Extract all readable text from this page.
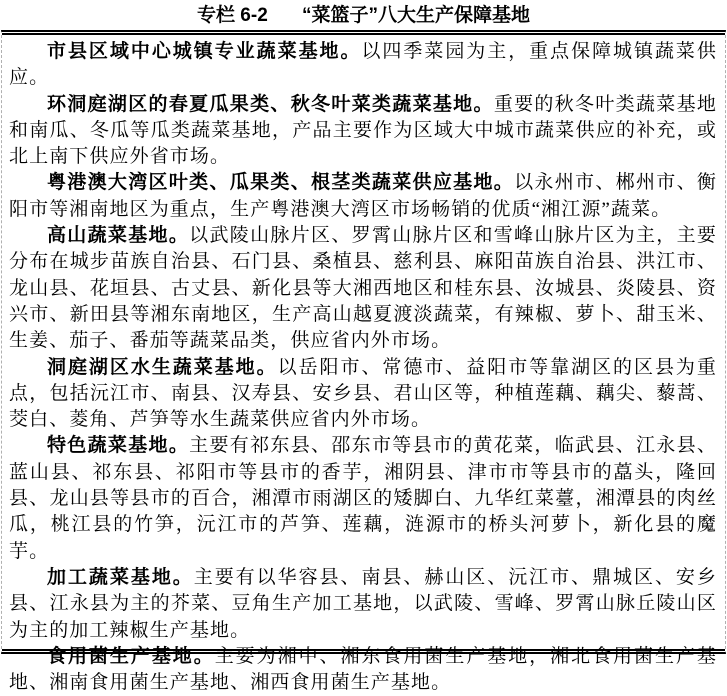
专栏 6-2 “菜篮子”八大生产保障基地

市县区域中心城镇专业蔬菜基地。以四季菜园为主，重点保障城镇蔬菜供应。

环洞庭湖区的春夏瓜果类、秋冬叶菜类蔬菜基地。重要的秋冬叶类蔬菜基地和南瓜、冬瓜等瓜类蔬菜基地，产品主要作为区域大中城市蔬菜供应的补充，或北上南下供应外省市场。

粤港澳大湾区叶类、瓜果类、根茎类蔬菜供应基地。以永州市、郴州市、衡阳市等湘南地区为重点，生产粤港澳大湾区市场畅销的优质“湘江源”蔬菜。

高山蔬菜基地。以武陵山脉片区、罗霄山脉片区和雪峰山脉片区为主，主要分布在城步苗族自治县、石门县、桑植县、慈利县、麻阳苗族自治县、洪江市、龙山县、花垣县、古丈县、新化县等大湘西地区和桂东县、汝城县、炎陵县、资兴市、新田县等湘东南地区，生产高山越夏渡淡蔬菜，有辣椒、萝卜、甜玉米、生姜、茄子、番茄等蔬菜品类，供应省内外市场。

洞庭湖区水生蔬菜基地。以岳阳市、常德市、益阳市等靠湖区的区县为重点，包括沅江市、南县、汉寿县、安乡县、君山区等，种植莲藕、藕尖、藜蒿、茭白、菱角、芦笋等水生蔬菜供应省内外市场。

特色蔬菜基地。主要有祁东县、邵东市等县市的黄花菜，临武县、江永县、蓝山县、祁东县、祁阳市等县市的香芋，湘阴县、津市市等县市的藠头，隆回县、龙山县等县市的百合，湘潭市雨湖区的矮脚白、九华红菜薹，湘潭县的肉丝瓜，桃江县的竹笋，沅江市的芦笋、莲藕，涟源市的桥头河萝卜，新化县的魔芋。

加工蔬菜基地。主要有以华容县、南县、赫山区、沅江市、鼎城区、安乡县、江永县为主的芥菜、豆角生产加工基地，以武陵、雪峰、罗霄山脉丘陵山区为主的加工辣椒生产基地。

食用菌生产基地。主要为湘中、湘东食用菌生产基地，湘北食用菌生产基地、湘南食用菌生产基地、湘西食用菌生产基地。
